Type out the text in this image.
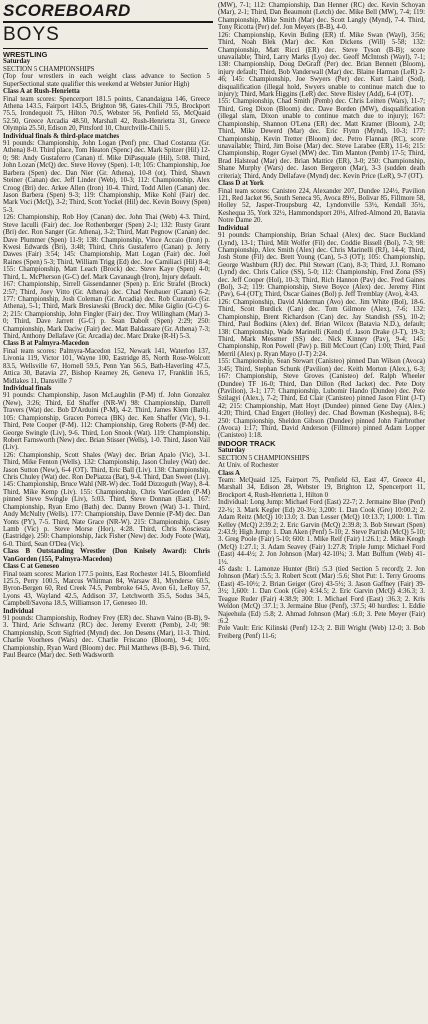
SCOREBOARD
BOYS

WRESTLING

Saturday

SECTION 5 CHAMPIONSHIPS

(Top four wrestlers in each weight class advance to Section 5 SuperSectional state qualifier this weekend at Webster Junior High)

Class A at Rush-Henrietta

Final team scores: Spencerport 181.5 points, Canandaigua 146, Greece Athena 143.5, Fairport 143.5, Brighton 98, Gates-Chili 79.5, Brockport 75.5, Irondequoit 75, Hilton 70.5, Webster 56, Penfield 55, McQuaid 52.50, Greece Arcadia 48.50, Marshall 42, Rush-Henrietta 31, Greece Olympia 25.50, Edison 20, Pittsford 10, Churchville-Chili 5.

Individual finals & third-place matches

91 pounds: Championship, John Logan (Penf) pnc. Chad Costanza (Gr. Athena) 8-0. Third place, Tom Heaton (Spenc) dec. Mark Spitzer (Hil) 12-0; 98: Andy Gustaferro (Canan) tf. Mike DiPasquale (Hil), 5:08. Third, John Lozan (McQ) dec. Steve Hovey (Spen). 1-0; 105: Championship, Joe Barbera (Spen) dec. Dan Nier (Gr. Athena), 10-8 (ot). Third, Shawn Steiner (Canan) dec. Jeff Linder (Web), 10-3; 112: Championship, Alex Croog (Bri) dec. Arkee Allen (Iron) 10-4. Third, Todd Allen (Canan) dec. Jason Barbera (Spen) 9-3; 119: Championship, Mike Kohl (Fair) dec. Mark Voci (McQ), 3-2; Third, Scott Yockel (Hil) dec. Kevin Bouvy (Spen) 5-3.

126: Championship, Rob Hoy (Canan) dec. John Thai (Web) 4-3. Third, Steve Iaculli (Fair) dec. Joe Rothenberger (Spen) 2-1; 132: Rusty Grant (Bri) dec. Ron Sanger (Gr. Athena), 3-2; Third, Matt Pegnow (Canan) dec. Dave Plummer (Spen) 11-9; 138: Championship, Vince Accaio (Iron) p. Kwesi Edwards (Bri), 3:48; Third, Chris Gustaferro (Canan) p. Jerry Dawes (Fair) 3:54; 145: Championship, Matt Logan (Fair) dec. Joel Raines (Spen) 5-3; Third, William Trigg (Ed) dec. Joe Camiliaci (Hil) 8-4; 155: Championship, Matt Leach (Brock) dec. Steve Kaye (Spen) 4-0; Third, L. McPherson (G-C) def. Mark Cavanaugh (Iron), Injury default.

167: Championship, Sirrell Gissendanner (Spen) p. Eric Strafel (Brock) 2:57; Third, Joey Vitto (Gr. Athena) dec. Chad Neubauer (Canan) 6-2; 177: Championship, Josh Coleman (Gr. Arcadia) dec. Rob Curatolo (Gr. Athena), 5-1; Third, Mark Bresiawski (Brock) dec. Mike Giglio (G-C) 6-2; 215: Championship, John Fingler (Fair) dec. Troy Willingham (Mar) 3-0; Third, Dave Jarrett (G-C) p. Sean Dabolt (Spen) 2:29; 250: Championship, Mark Daciw (Fair) dec. Matt Baldassare (Gr. Athena) 7-3; Third, Anthony Dellafave (Gr. Arcadia) dec. Marc Drake (R-H) 5-3.

Class B at Palmyra-Macedon

Final team scores: Palmyra-Macedon 152, Newark 141, Waterloo 137, Livonia 119, Victor 101, Wayne 100, Eastridge 85, North Rose-Wolcott 83.5, Wellsville 67, Hornell 59.5, Penn Yan 56.5, Bath-Haverling 47.5, Attica 30, Batavia 27, Bishop Kearney 26, Geneva 17, Franklin 16.5, Midlakes 11, Dansville 7

Individual finals

91 pounds: Championship, Jason McLaughlin (P-M) tf. John Gonzalez (New), 3:26; Third, Ed Shaffer (NR-W) 98: Championship, Darrell Travers (Wat) dec. Bob D'Arduini (P-M), 4-2. Third, James Klem (Bath). 105: Championship, Gracen Porreca (BK) dec. Ken Shaffer (Vic), 9-1. Third, Pete Cooper (P-M). 112: Championship, Greg Roberts (P-M) dec. George Swingle (Liv), 9-6. Third, Lon Snook (Wat). 119: Championship, Robert Farnsworth (New) dec. Brian Stisser (Wells), 1-0. Third, Jason Vail (Liv).

126: Championship, Scott Shales (Way) dec. Brian Apalo (Vic), 3-1. Third, Mike Fenton (Wells). 132: Championship, Jason Chuley (Wat) dec. Jason Sutton (New), 6-4 (OT). Third, Eric Ball (Liv). 138: Championship, Chris Chuley (Wat) dec. Ron DePiazza (Bat), 9-4. Third, Dan Sweet (Liv). 145: Championship, Bruce Wahl (NR-W) dec. Todd Dizzoguth (Way), 8-4. Third, Mike Kemp (Liv). 155: Championship, Chris VanGorden (P-M) pinned Steve Swingle (Liv), 5:03. Third, Steve Donnan (East). 167: Championship, Ryan Emo (Bath) dec. Danny Brown (Wat) 3-1. Third, Andy McNulty (Wells). 177: Championship, Dave Dennie (P-M) dec. Dan Yonts (PY), 7-5. Third, Nate Grace (NR-W). 215: Championship, Casey Lamb (Vic) p. Steve Morse (Hor), 4:28. Third, Chris Kosciesza (Eastridge). 250: Championship, Jack Fisher (New) dec. Jody Foote (Wat), 6-0. Third, Sean O'Dea (Vic).

Class B Outstanding Wrestler (Don Knisely Award): Chris VanGorden (155, Palmyra-Macedon)

Class C at Geneseo

Final team scores: Marion 177.5 points, East Rochester 141.5, Bloomfield 125.5, Perry 100.5, Marcus Whitman 84, Warsaw 81, Mynderse 60.5, Byron-Bergen 60, Red Creek 74.5, Pembroke 64.5, Avon 61, LeRoy 57, Lyons 43, Wayland 42.5, Addison 37, Letchworth 35.5, Sodus 34.5, Campbell/Savona 18.5, Williamson 17, Geneseo 10.

Individual

91 pounds: Championship, Rodney Frey (ER) dec. Shawn Vaino (B-B), 9-3. Third, Arie Schwartz (RC) dec. Jeremy Everett (Pemb), 2-0; 98: Championship, Scott Sigfried (Mynd) dec. Jon Desens (Mar), 11-3. Third, Charlie Voorhees (Wars) dec. Charlie Friscano (Bloom), 9-4; 105: Championship, Ryan Ward (Bloom) dec. Phil Matthews (B-B), 9-6. Third, Paul Bearce (Mar) dec. Seth Wadsworth

(MW), 7-1; 112: Championship, Dan Henner (RC) dec. Kevin Schoyan (Mar), 2-1; Third, Dan Beaumont (Letch) dec. Mike Bell (MW), 7-4; 119: Championship, Mike Smith (Mar) dec. Scott Langly (Mynd), 7-4. Third, Tony Ricotta (Per) def. Jon Meyers (B-B), 4-0.

126: Championship, Kevin Buling (ER) tf. Mike Swan (Wayl), 3:56; Third, Noah Blek (Mar) dec. Ken Dickens (Will) 5-58; 132: Championship, Matt Ricci (ER) dec. Steve Tyson (B-B); score unavailable; Third, Larry Marks (Lyo) dec. Geoff McIntosh (Wayl), 7-1; 138: Championship, Doug DeGraff (Per) dec. Brian Bennett (Bloom), injury default; Third, Bob Vanderwall (Mar) dec. Blaine Harman (LeR) 2-46; 145: Championship, Joe Swyers (Per) dec. Kurt Laird (Sod), disqualification (illegal hold, Swyers unable to continue match due to injury); Third, Mark Higgins (LeR) dec. Steve Risley (Add), 6-4 (OT).

155: Championship, Chad Smith (Pemb) dec. Chris Leitten (Wars), 11-7; Third, Greg Dixon (Bloom) dec. Dave Borden (MW), disqualification (illegal slam, Dixon unable to continue match due to injury); 167: Championship, Shannon O'Lena (ER) dec. Matt Kramer (Bloom), 2-0; Third, Mike Dewerd (Mar) dec. Eric Flynn (Mynd), 10-3; 177: Championship, Kevin Tretter (Bloom) dec. Petro Flannan (RC), score unavailable; Third, Jim Boise (Mar) dec. Steve Larabee (ER), 11-6; 215: Championship, Roger Gysel (MW) dec. Tim Manton (Pemb) 17-5; Third, Brad Halstead (Mar) dec. Brian Mattice (ER), 3-0; 250: Championship, Shane Murphy (Wars) dec. Jason Bergeron (Mar), 3-3 (sudden death criteria); Third, Andy Dellafave (Mynd) dec. Kevin Price (LeR), 9-7 (OT).

Class D at York

Final team scores: Canisteo 224, Alexander 207, Dundee 124½, Pavilion 121, Red Jacket 96, South Seneca 95, Avoca 89½, Bolivar 85, Fillmore 58, Holley 52, Jasper-Troupsburg 42, Lyndonville 53½, Kendall 35½, Keshequa 35, York 32½, Hammondsport 20½, Alfred-Almond 20, Batavia Notre Dame 20.

Individual

91 pounds: Championship, Brian Schaal (Alex) dec. Stace Buckland (Lynd), 13-1; Third, Milt Wolfer (Fil) dec. Coddie Bissell (Bol), 7-3; 98: Championship, Alex Smith (Alex) dec. Chris Marinelli (RJ), 14-4; Third, Josh Stone (Fil) dec. Brett Young (Can), 5-3 (OT); 105: Championship, George Washburn (RJ) dec. Phil Stewart (Can), 8-3; Third, J.J. Romano (Lynd) dec. Chris Calice (SS), 5-0; 112: Championship, Fred Zona (SS) dec. Jeff Cooper (Hol), 10-3; Third, Rich Hannon (Pav) dec. Fred Gaines (Bol), 3-2; 119: Championship, Steve Boyce (Alex) dec. Jeremy Flint (Pav), 6-4 (OT); Third, Oscar Gaines (Bol) p. Jeff Tremblay (Avo), 4:43.

126: Championship, David Alderman (Avo) dec. Jim White (Bol), 18-6. Third, Scott Burdick (Can) dec. Tom Gilmore (Alex), 7-6; 132: Championship, Brent Richardson (Can) dec. Jay Standish (SS), 10-2; Third, Paul Bodkins (Alex) def. Brian Wilcox (Batavia N.D.), default; 138: Championship, Wade Marinelli (Kend) tf. Jason Drake (J-T), 19-3; Third, Mark Messmer (SS) dec. Nick Kinney (Pav), 9-4; 145: Championship, Ron Powell (Pav) p. Bill McCourt (Can) 1:00; Third, Paul Merril (Alex) p. Ryan Mayo (J-T) 2:24.

155: Championship, Sean Stewart (Canisteo) pinned Dan Wilson (Avoca) 3:45; Third, Stephan Schunk (Pavilion) dec. Keith Morton (Alex.), 6-3; 167: Championship, Steve Groves (Canisteo) def. Ralph Wheeler (Dundee) TF 16-0; Third, Dan Dillon (Red Jacket) dec. Pete Doty (Pavilion), 3-1; 177: Championship, Lubomir Hando (Dundee) dec. Pete Szilagyi (Alex.), 7-2; Third, Ed Clair (Canisteo) pinned Jason Flint (J-T) 42; 215: Championship, Matt Hoyt (Dundee) pinned Gene Day (Alex.) 4:20; Third, Chad Engert (Holley) dec. Chad Bowman (Keshequa), 8-6; 250: Championship, Sheldon Gibson (Dundee) pinned John Fairbrother (Avoca) 1:17; Third, David Anderson (Fillmore) pinned Adam Lopper (Canisteo) 1:18.

INDOOR TRACK

Saturday

SECTION 5 CHAMPIONSHIPS

At Univ. of Rochester

Class A

Team: McQuaid 125, Fairport 75, Penfield 63, East 47, Greece 41, Marshall 34, Edison 28, Webster 19, Brighton 12, Spencerport 11, Brockport 4, Rush-Henrietta 1, Hilton 0

Individual: Long Jump: Michael Ford (East) 22-7; 2. Jermaine Blue (Penf) 22-¾; 3. Mark Kegler (Ed) 20-3½; 3,200: 1. Dan Cook (Gre) 10:00.2; 2. Adam Reitz (McQ) 10:13.0; 3. Dan Lesser (McQ) 10:13.7; 1,000: 1. Tim Kelley (McQ) 2:39.2; 2. Eric Garvin (McQ) 2:39.8; 3. Bob Stewart (Spen) 2:43.9; High Jump: 1. Dan Aken (Penf) 5-10; 2. Steve Parrish (McQ) 5-10; 3. Greg Poole (Fair) 5-10; 600: 1. Mike Reif (Fair) 1:26.1; 2. Mike Keogh (McQ) 1:27.1; 3. Adam Seavey (Fair) 1:27.8; Triple Jump: Michael Ford (East) 44-4½; 2. Jon Johnson (Mar) 42-10¼; 3. Matt Buffum (Web) 41-1½.

45 dash: 1. Lamonze Hunter (Bri) :5.3 (tied Section 5 record); 2. Jon Johnson (Mar) :5.5; 3. Robert Scott (Mar) :5.6; Shot Put: 1. Terry Grooms (East) 45-10½; 2. Brian Geiger (Gre) 43-5½; 3. Jason Gaffney (Fair) 39-3½; 1,600: 1. Dan Cook (Gre) 4:34.5; 2. Eric Garvin (McQ) 4:36.3; 3. Teague Ruder (Fair) 4:38.9; 300: 1. Michael Ford (East) :36.3; 2. Kris Weldon (McQ) :37.1; 3. Jermaine Blue (Penf), :37.5; 40 hurdles: 1. Eddie Najeehula (Ed) :5.8; 2. Ahmad Johnson (Mar) :6.0; 3. Pete Meyer (Fair) :6.2

Pole Vault: Eric Kilinski (Penf) 12-3; 2. Bill Wright (Web) 12-0; 3. Bob Freiberg (Penf) 11-6;
